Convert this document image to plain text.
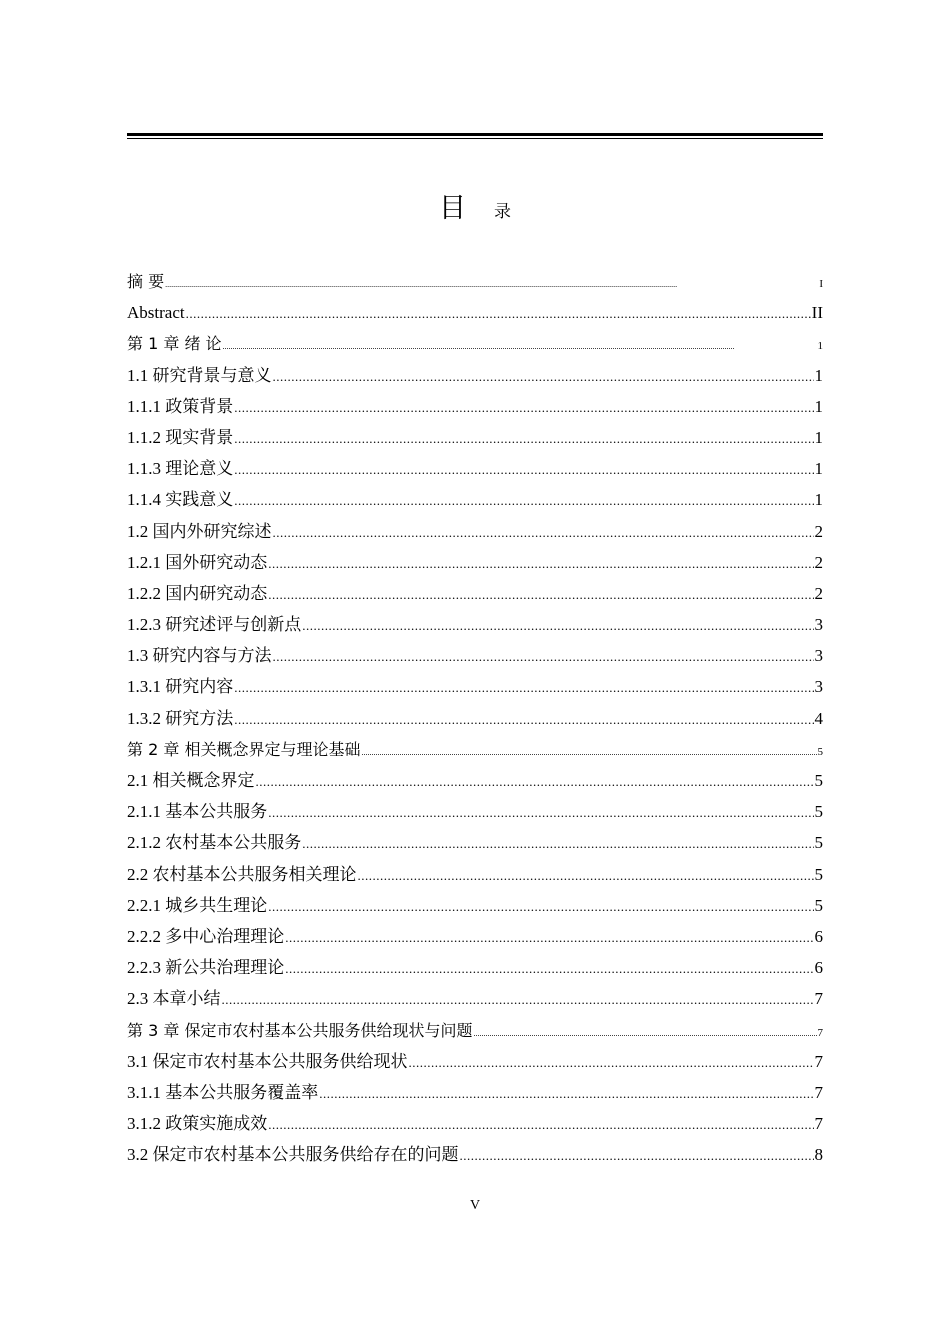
目 录
摘 要 .....	I
Abstract .....	II
第 1 章 绪 论 .....	1
1.1 研究背景与意义 .....	1
1.1.1 政策背景 .....	1
1.1.2 现实背景 .....	1
1.1.3 理论意义 .....	1
1.1.4 实践意义 .....	1
1.2 国内外研究综述 .....	2
1.2.1 国外研究动态 .....	2
1.2.2 国内研究动态 .....	2
1.2.3 研究述评与创新点 .....	3
1.3 研究内容与方法 .....	3
1.3.1 研究内容 .....	3
1.3.2 研究方法 .....	4
第 2 章 相关概念界定与理论基础 .....	5
2.1 相关概念界定 .....	5
2.1.1 基本公共服务 .....	5
2.1.2 农村基本公共服务 .....	5
2.2 农村基本公共服务相关理论 .....	5
2.2.1 城乡共生理论 .....	5
2.2.2 多中心治理理论 .....	6
2.2.3 新公共治理理论 .....	6
2.3 本章小结 .....	7
第 3 章 保定市农村基本公共服务供给现状与问题 .....	7
3.1 保定市农村基本公共服务供给现状 .....	7
3.1.1 基本公共服务覆盖率 .....	7
3.1.2 政策实施成效 .....	7
3.2 保定市农村基本公共服务供给存在的问题 .....	8
V
